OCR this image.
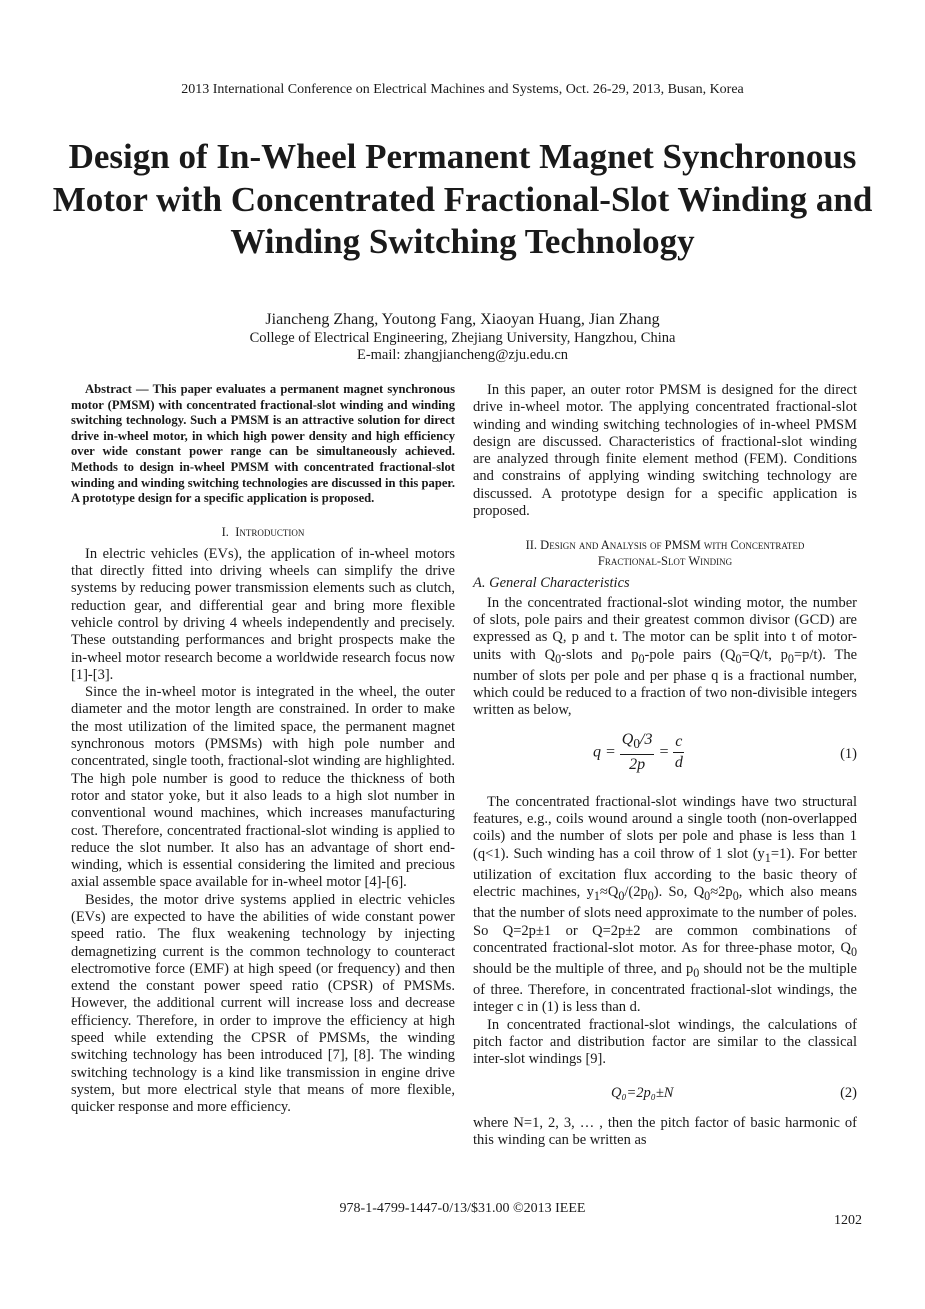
2013 International Conference on Electrical Machines and Systems, Oct. 26-29, 2013, Busan, Korea
Design of In-Wheel Permanent Magnet Synchronous Motor with Concentrated Fractional-Slot Winding and Winding Switching Technology
Jiancheng Zhang, Youtong Fang, Xiaoyan Huang, Jian Zhang
College of Electrical Engineering, Zhejiang University, Hangzhou, China
E-mail: zhangjiancheng@zju.edu.cn

Abstract — This paper evaluates a permanent magnet synchronous motor (PMSM) with concentrated fractional-slot winding and winding switching technology. Such a PMSM is an attractive solution for direct drive in-wheel motor, in which high power density and high efficiency over wide constant power range can be simultaneously achieved. Methods to design in-wheel PMSM with concentrated fractional-slot winding and winding switching technologies are discussed in this paper. A prototype design for a specific application is proposed.

I. Introduction

In electric vehicles (EVs), the application of in-wheel motors that directly fitted into driving wheels can simplify the drive systems by reducing power transmission elements such as clutch, reduction gear, and differential gear and bring more flexible vehicle control by driving 4 wheels independently and precisely. These outstanding performances and bright prospects make the in-wheel motor research become a worldwide research focus now [1]-[3].

Since the in-wheel motor is integrated in the wheel, the outer diameter and the motor length are constrained. In order to make the most utilization of the limited space, the permanent magnet synchronous motors (PMSMs) with high pole number and concentrated, single tooth, fractional-slot winding are highlighted. The high pole number is good to reduce the thickness of both rotor and stator yoke, but it also leads to a high slot number in conventional wound machines, which increases manufacturing cost. Therefore, concentrated fractional-slot winding is applied to reduce the slot number. It also has an advantage of short end-winding, which is essential considering the limited and precious axial assemble space available for in-wheel motor [4]-[6].

Besides, the motor drive systems applied in electric vehicles (EVs) are expected to have the abilities of wide constant power speed ratio. The flux weakening technology by injecting demagnetizing current is the common technology to counteract electromotive force (EMF) at high speed (or frequency) and then extend the constant power speed ratio (CPSR) of PMSMs. However, the additional current will increase loss and decrease efficiency. Therefore, in order to improve the efficiency at high speed while extending the CPSR of PMSMs, the winding switching technology has been introduced [7], [8]. The winding switching technology is a kind like transmission in engine drive system, but more electrical style that means of more flexible, quicker response and more efficiency.

In this paper, an outer rotor PMSM is designed for the direct drive in-wheel motor. The applying concentrated fractional-slot winding and winding switching technologies of in-wheel PMSM design are discussed. Characteristics of fractional-slot winding are analyzed through finite element method (FEM). Conditions and constrains of applying winding switching technology are discussed. A prototype design for a specific application is proposed.

II. Design and Analysis of PMSM with Concentrated
Fractional-Slot Winding
A. General Characteristics

In the concentrated fractional-slot winding motor, the number of slots, pole pairs and their greatest common divisor (GCD) are expressed as Q, p and t. The motor can be split into t of motor-units with $Q_0$-slots and $p_0$-pole pairs ($Q_0=Q/t$, $p_0=p/t$). The number of slots per pole and per phase q is a fractional number, which could be reduced to a fraction of two non-divisible integers written as below,

$q = \frac{Q_0/3}{2p} = \frac{c}{d}$	(1)

The concentrated fractional-slot windings have two structural features, e.g., coils wound around a single tooth (non-overlapped coils) and the number of slots per pole and phase is less than 1 (q<1). Such winding has a coil throw of 1 slot $(y_1=1)$. For better utilization of excitation flux according to the basic theory of electric machines, $y_1\approx Q_0/(2p_0)$. So, $Q_0\approx 2p_0$, which also means that the number of slots need approximate to the number of poles. So Q=2p±1 or Q=2p±2 are common combinations of concentrated fractional-slot motor. As for three-phase motor, $Q_0$ should be the multiple of three, and $p_0$ should not be the multiple of three. Therefore, in concentrated fractional-slot windings, the integer c in (1) is less than d.

In concentrated fractional-slot windings, the calculations of pitch factor and distribution factor are similar to the classical inter-slot windings [9].

Q₀=2p₀±N	(2)

where N=1, 2, 3, … , then the pitch factor of basic harmonic of this winding can be written as

978-1-4799-1447-0/13/$31.00 ©2013 IEEE
1202
